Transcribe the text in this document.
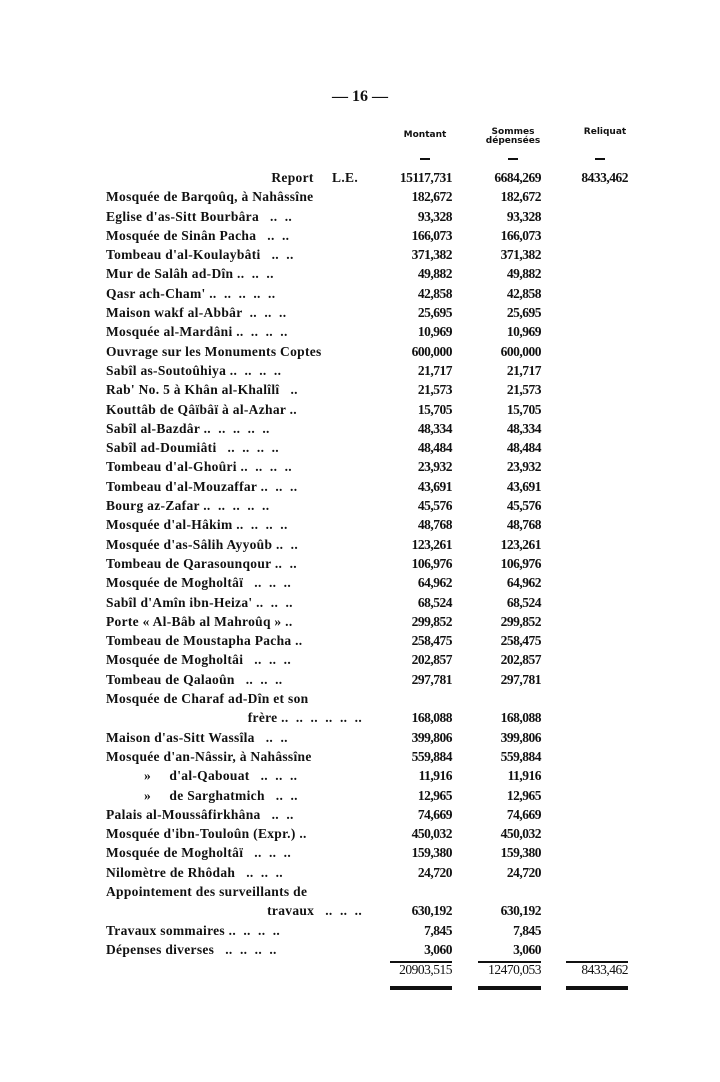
— 16 —
Montant	Sommes dépensées
Reliquat
Report     L.E.	15117,731	6684,269	8433,462
Mosquée de Barqoûq, à Nahâssîne	182,672	182,672
Eglise d'as-Sitt Bourbâra   ..  ..	93,328	93,328
Mosquée de Sinân Pacha   ..  ..	166,073	166,073
Tombeau d'al-Koulaybâti   ..  ..	371,382	371,382
Mur de Salâh ad-Dîn ..  ..  ..	49,882	49,882
Qasr ach-Cham' ..  ..  ..  ..  ..	42,858	42,858
Maison wakf al-Abbâr  ..  ..  ..	25,695	25,695
Mosquée al-Mardâni ..  ..  ..  ..	10,969	10,969
Ouvrage sur les Monuments Coptes	600,000	600,000
Sabîl as-Soutoûhiya ..  ..  ..  ..	21,717	21,717
Rab' No. 5 à Khân al-Khalîlî   ..	21,573	21,573
Kouttâb de Qâïbâï à al-Azhar ..	15,705	15,705
Sabîl al-Bazdâr ..  ..  ..  ..  ..	48,334	48,334
Sabîl ad-Doumiâti   ..  ..  ..  ..	48,484	48,484
Tombeau d'al-Ghoûri ..  ..  ..  ..	23,932	23,932
Tombeau d'al-Mouzaffar ..  ..  ..	43,691	43,691
Bourg az-Zafar ..  ..  ..  ..  ..	45,576	45,576
Mosquée d'al-Hâkim ..  ..  ..  ..	48,768	48,768
Mosquée d'as-Sâlih Ayyoûb ..  ..	123,261	123,261
Tombeau de Qarasounqour ..  ..	106,976	106,976
Mosquée de Mogholtâï   ..  ..  ..	64,962	64,962
Sabîl d'Amîn ibn-Heiza' ..  ..  ..	68,524	68,524
Porte « Al-Bâb al Mahroûq » ..	299,852	299,852
Tombeau de Moustapha Pacha ..	258,475	258,475
Mosquée de Mogholtâi   ..  ..  ..	202,857	202,857
Tombeau de Qalaoûn   ..  ..  ..	297,781	297,781
Mosquée de Charaf ad-Dîn et son
frère ..  ..  ..  ..  ..  ..	168,088	168,088
Maison d'as-Sitt Wassîla   ..  ..	399,806	399,806
Mosquée d'an-Nâssir, à Nahâssîne	559,884	559,884
»     d'al-Qabouat   ..  ..  ..	11,916	11,916
»     de Sarghatmich   ..  ..	12,965	12,965
Palais al-Moussâfirkhâna   ..  ..	74,669	74,669
Mosquée d'ibn-Touloûn (Expr.) ..	450,032	450,032
Mosquée de Mogholtâï   ..  ..  ..	159,380	159,380
Nilomètre de Rhôdah   ..  ..  ..	24,720	24,720
Appointement des surveillants de
travaux   ..  ..  ..	630,192	630,192
Travaux sommaires ..  ..  ..  ..	7,845	7,845
Dépenses diverses   ..  ..  ..  ..	3,060	3,060
20903,515	12470,053	8433,462
